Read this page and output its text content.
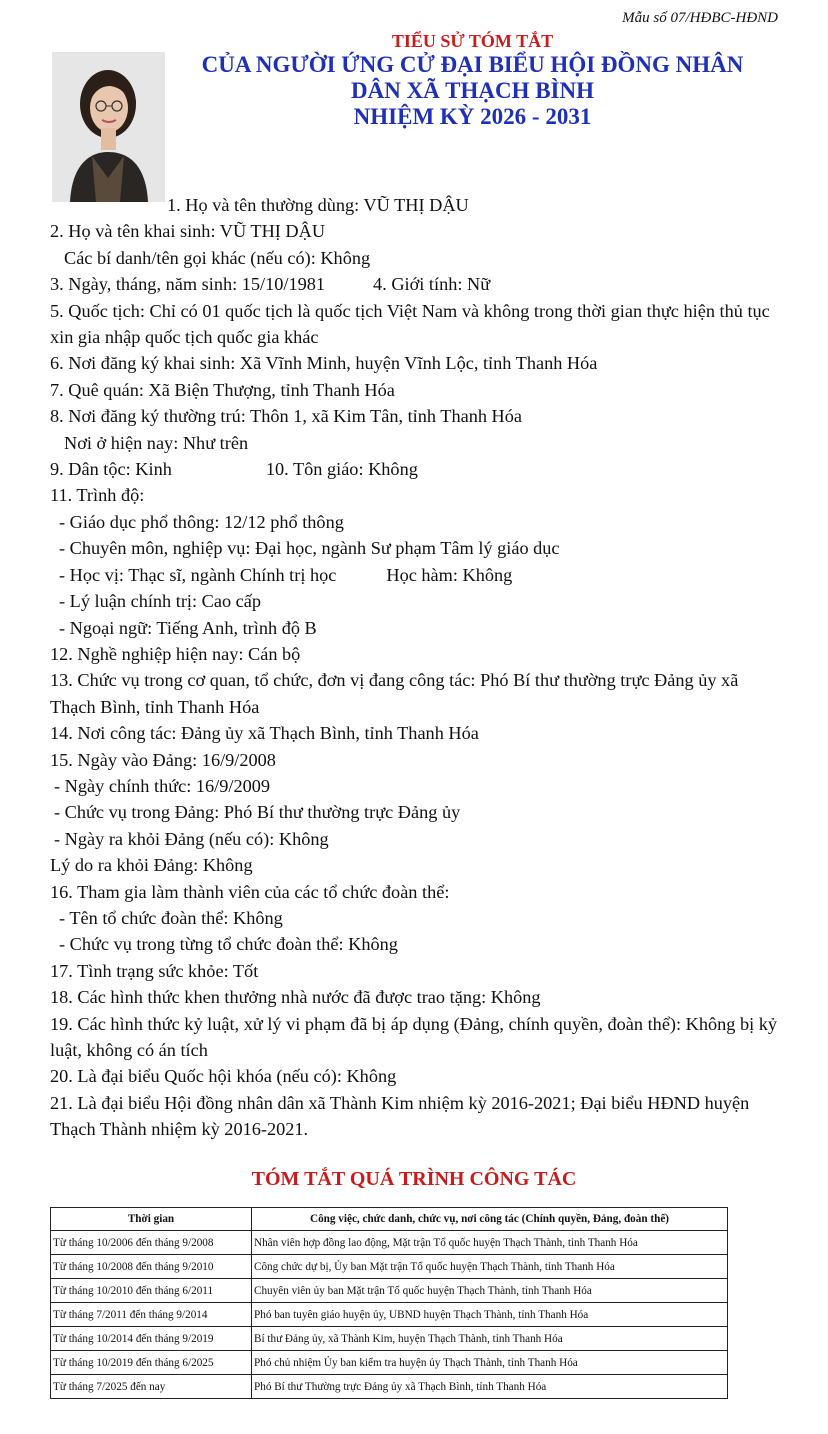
Mẫu số 07/HĐBC-HĐND
TIỂU SỬ TÓM TẮT
CỦA NGƯỜI ỨNG CỬ ĐẠI BIỂU HỘI ĐỒNG NHÂN
DÂN XÃ THẠCH BÌNH
NHIỆM KỲ 2026 - 2031
1. Họ và tên thường dùng: VŨ THỊ DẬU
2. Họ và tên khai sinh: VŨ THỊ DẬU
Các bí danh/tên gọi khác (nếu có): Không
3. Ngày, tháng, năm sinh: 15/10/1981	4. Giới tính: Nữ
5. Quốc tịch: Chỉ có 01 quốc tịch là quốc tịch Việt Nam và không trong thời gian thực hiện thủ tục xin gia nhập quốc tịch quốc gia khác
6. Nơi đăng ký khai sinh: Xã Vĩnh Minh, huyện Vĩnh Lộc, tỉnh Thanh Hóa
7. Quê quán: Xã Biện Thượng, tỉnh Thanh Hóa
8. Nơi đăng ký thường trú: Thôn 1, xã Kim Tân, tỉnh Thanh Hóa
Nơi ở hiện nay: Như trên
9. Dân tộc: Kinh	10. Tôn giáo: Không
11. Trình độ:
- Giáo dục phổ thông: 12/12 phổ thông
- Chuyên môn, nghiệp vụ: Đại học, ngành Sư phạm Tâm lý giáo dục
- Học vị: Thạc sĩ, ngành Chính trị học	Học hàm: Không
- Lý luận chính trị: Cao cấp
- Ngoại ngữ: Tiếng Anh, trình độ B
12. Nghề nghiệp hiện nay: Cán bộ
13. Chức vụ trong cơ quan, tổ chức, đơn vị đang công tác: Phó Bí thư thường trực Đảng ủy xã Thạch Bình, tỉnh Thanh Hóa
14. Nơi công tác: Đảng ủy xã Thạch Bình, tỉnh Thanh Hóa
15. Ngày vào Đảng: 16/9/2008
- Ngày chính thức: 16/9/2009
- Chức vụ trong Đảng: Phó Bí thư thường trực Đảng ủy
- Ngày ra khỏi Đảng (nếu có): Không
Lý do ra khỏi Đảng: Không
16. Tham gia làm thành viên của các tổ chức đoàn thể:
- Tên tổ chức đoàn thể: Không
- Chức vụ trong từng tổ chức đoàn thể: Không
17. Tình trạng sức khỏe: Tốt
18. Các hình thức khen thưởng nhà nước đã được trao tặng: Không
19. Các hình thức kỷ luật, xử lý vi phạm đã bị áp dụng (Đảng, chính quyền, đoàn thể): Không bị kỷ luật, không có án tích
20. Là đại biểu Quốc hội khóa (nếu có): Không
21. Là đại biểu Hội đồng nhân dân xã Thành Kim nhiệm kỳ 2016-2021; Đại biểu HĐND huyện Thạch Thành nhiệm kỳ 2016-2021.
TÓM TẮT QUÁ TRÌNH CÔNG TÁC
Thời gian	Công việc, chức danh, chức vụ, nơi công tác (Chính quyền, Đảng, đoàn thể)
Từ tháng 10/2006 đến tháng 9/2008	Nhân viên hợp đồng lao động, Mặt trận Tổ quốc huyện Thạch Thành, tỉnh Thanh Hóa
Từ tháng 10/2008 đến tháng 9/2010	Công chức dự bị, Ủy ban Mặt trận Tổ quốc huyện Thạch Thành, tỉnh Thanh Hóa
Từ tháng 10/2010 đến tháng 6/2011	Chuyên viên ủy ban Mặt trận Tổ quốc huyện Thạch Thành, tỉnh Thanh Hóa
Từ tháng 7/2011 đến tháng 9/2014	Phó ban tuyên giáo huyện ủy, UBND huyện Thạch Thành, tỉnh Thanh Hóa
Từ tháng 10/2014 đến tháng 9/2019	Bí thư Đảng ủy, xã Thành Kim, huyện Thạch Thành, tỉnh Thanh Hóa
Từ tháng 10/2019 đến tháng 6/2025	Phó chủ nhiệm Ủy ban kiểm tra huyện ủy Thạch Thành, tỉnh Thanh Hóa
Từ tháng 7/2025 đến nay	Phó Bí thư Thường trực Đảng ủy xã Thạch Bình, tỉnh Thanh Hóa
